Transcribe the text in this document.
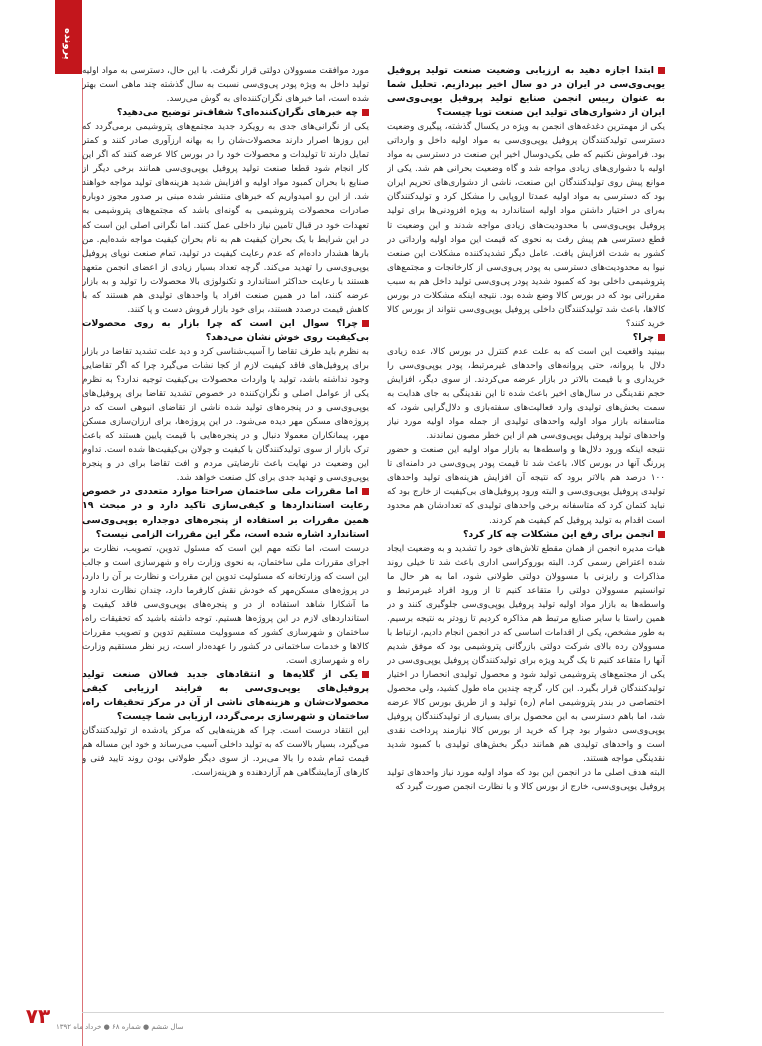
پرونده

ابتدا اجازه دهید به ارزیابی وضعیت صنعت تولید پروفیل یوپی‌وی‌سی در ایران در دو سال اخیر بپردازیم. تحلیل شما به عنوان رییس انجمن صنایع تولید پروفیل یوپی‌وی‌سی ایران از دشواری‌های تولید این صنعت تویا چیست؟

یکی از مهمترین دغدغه‌های انجمن به ویژه در یکسال گذشته، پیگیری وضعیت دسترسی تولیدکنندگان پروفیل یوپی‌وی‌سی به مواد اولیه داخل و وارداتی بود. فراموش نکنیم که طی یکی‌دوسال اخیر این صنعت در دسترسی به مواد اولیه با دشواری‌های زیادی مواجه شد و گاه وضعیت بحرانی هم شد. یکی از موانع پیش روی تولیدکنندگان این صنعت، ناشی از دشواری‌های تحریم ایران بود که دسترسی به مواد اولیه عمدتا اروپایی را مشکل کرد و تولیدکنندگان به‌رای در اختیار داشتن مواد اولیه استاندارد به ویژه افزودنی‌ها برای تولید پروفیل یوپی‌وی‌سی با محدودیت‌های زیادی مواجه شدند و این وضعیت تا قطع دسترسی هم پیش رفت به نحوی که قیمت این مواد اولیه وارداتی در کشور به شدت افزایش یافت. عامل دیگر تشدیدکننده مشکلات این صنعت نیوا به محدودیت‌های دسترسی به پودر پی‌وی‌سی از کارخانجات و مجتمع‌های پتروشیمی داخلی بود که کمبود شدید پودر پی‌وی‌سی تولید داخل هم به سبب مقرراتی بود که در بورس کالا وضع شده بود. نتیجه اینکه مشکلات در بورس کالاها، باعث شد تولیدکنندگان داخلی پروفیل یوپی‌وی‌سی نتواند از بورس کالا خرید کنند؟

چرا؟

ببینید واقعیت این است که به علت عدم کنترل در بورس کالا، عده زیادی دلال با پروانه، حتی پروانه‌های واحدهای غیرمرتبط، پودر یوپی‌وی‌سی را خریداری و با قیمت بالاتر در بازار عرضه می‌کردند. از سوی دیگر، افزایش حجم نقدینگی در سال‌های اخیر باعث شده تا این نقدینگی به جای هدایت به سمت بخش‌های تولیدی وارد فعالیت‌های سفته‌بازی و دلال‌گرایی شود، که متاسفانه بازار مواد اولیه واحدهای تولیدی از جمله مواد اولیه مورد نیاز واحدهای تولید پروفیل یوپی‌وی‌سی هم از این خطر مصون نماندند.

نتیجه اینکه ورود دلال‌ها و واسطه‌ها به بازار مواد اولیه این صنعت و حضور پررنگ آنها در بورس کالا، باعث شد تا قیمت پودر پی‌وی‌سی در دامنه‌ای تا ۱۰۰ درصد هم بالاتر برود که نتیجه آن افزایش هزینه‌های تولید واحدهای تولیدی پروفیل یوپی‌وی‌سی و البته ورود پروفیل‌های بی‌کیفیت از خارج بود که نباید کتمان کرد که متاسفانه برخی واحدهای تولیدی که تعدادشان هم محدود است اقدام به تولید پروفیل کم کیفیت هم کردند.

انجمن برای رفع این مشکلات چه کار کرد؟

هیات مدیره انجمن از همان مقطع تلاش‌های خود را تشدید و به وضعیت ایجاد شده اعتراض رسمی کرد. البته بوروکراسی اداری باعث شد تا خیلی روند مذاکرات و رایزنی با مسوولان دولتی طولانی شود، اما به هر حال ما توانستیم مسوولان دولتی را متقاعد کنیم تا از ورود افراد غیرمرتبط و واسطه‌ها به بازار مواد اولیه تولید پروفیل یوپی‌وی‌سی جلوگیری کنند و در همین راستا با سایر صنایع مرتبط هم مذاکره کردیم تا زودتر به نتیجه برسیم. به طور مشخص، یکی از اقدامات اساسی که در انجمن انجام دادیم، ارتباط با مسوولان رده بالای شرکت دولتی بازرگانی پتروشیمی بود که موفق شدیم آنها را متقاعد کنیم تا یک گرید ویژه برای تولیدکنندگان پروفیل یوپی‌وی‌سی در یکی از مجتمع‌های پتروشیمی تولید شود و محصول تولیدی انحصارا در اختیار تولیدکنندگان قرار بگیرد. این کار، گرچه چندین ماه طول کشید، ولی محصول اختصاصی در بندر پتروشیمی امام (ره) تولید و از طریق بورس کالا عرضه شد، اما باهم دسترسی به این محصول برای بسیاری از تولیدکنندگان پروفیل یوپی‌وی‌سی دشوار بود چرا که خرید از بورس کالا نیازمند پرداخت نقدی است و واحدهای تولیدی هم همانند دیگر بخش‌های تولیدی با کمبود شدید نقدینگی مواجه هستند.

البته هدف اصلی ما در انجمن این بود که مواد اولیه مورد نیاز واحدهای تولید پروفیل یوپی‌وی‌سی، خارج از بورس کالا و با نظارت انجمن صورت گیرد که

مورد موافقت مسوولان دولتی قرار نگرفت. با این حال، دسترسی به مواد اولیه تولید داخل به ویژه پودر پی‌وی‌سی نسبت به سال گذشته چند ماهی است بهتر شده است، اما خبرهای نگران‌کننده‌ای به گوش می‌رسد.

چه خبرهای نگران‌کننده‌ای؟ شفاف‌تر توضیح می‌دهید؟

یکی از نگرانی‌های جدی به رویکرد جدید مجتمع‌های پتروشیمی برمی‌گردد که این روزها اصرار دارند محصولات‌شان را به بهانه ارزآوری صادر کنند و کمتر تمایل دارند تا تولیدات و محصولات خود را در بورس کالا عرضه کنند که اگر این کار انجام شود قطعا صنعت تولید پروفیل یوپی‌وی‌سی همانند برخی دیگر از صنایع با بحران کمبود مواد اولیه و افزایش شدید هزینه‌های تولید مواجه خواهند شد. از این رو امیدواریم که خبرهای منتشر شده مبنی بر صدور مجوز دوباره صادرات محصولات پتروشیمی به گونه‌ای باشد که مجتمع‌های پتروشیمی به تعهدات خود در قبال تامین نیاز داخلی عمل کنند. اما نگرانی اصلی این است که در این شرایط با یک بحران کیفیت هم به نام بحران کیفیت مواجه شده‌ایم. من بارها هشدار داده‌ام که عدم رعایت کیفیت در تولید، تمام صنعت نوپای پروفیل یوپی‌وی‌سی را تهدید می‌کند. گرچه تعداد بسیار زیادی از اعضای انجمن متعهد هستند با رعایت حداکثر استاندارد و تکنولوژی بالا محصولات را تولید و به بازار عرضه کنند، اما در همین صنعت افراد یا واحدهای تولیدی هم هستند که با کاهش قیمت درصدد هستند، برای خود بازار فروش دست و پا کنند.

چرا؟ سوال این است که چرا بازار به روی محصولات بی‌کیفیت روی خوش نشان می‌دهد؟

به نظرم باید طرف تقاضا را آسیب‌شناسی کرد و دید علت تشدید تقاضا در بازار برای پروفیل‌های فاقد کیفیت لازم از کجا نشات می‌گیرد چرا که اگر تقاضایی وجود نداشته باشد، تولید یا واردات محصولات بی‌کیفیت توجیه ندارد؟ به نظرم یکی از عوامل اصلی و نگران‌کننده در خصوص تشدید تقاضا برای پروفیل‌های یوپی‌وی‌سی و در پنجره‌های تولید شده ناشی از تقاضای انبوهی است که در پروژه‌های مسکن مهر دیده می‌شود. در این پروژه‌ها، برای ارزان‌سازی مسکن مهر، پیمانکاران معمولا دنبال و در پنجره‌هایی با قیمت پایین هستند که باعث ترک بازار از سوی تولیدکنندگان با کیفیت و جولان بی‌کیفیت‌ها شده است. تداوم این وضعیت در نهایت باعث نارضایتی مردم و افت تقاضا برای در و پنجره یوپی‌وی‌سی و تهدید جدی برای کل صنعت خواهد شد.

اما مقررات ملی ساختمان صراحتا موارد متعددی در خصوص رعایت استانداردها و کیفی‌سازی تاکید دارد و در مبحث ۱۹ همین مقررات بر استفاده از پنجره‌های دوجداره یوپی‌وی‌سی استاندارد اشاره شده است، مگر این مقررات الزامی نیست؟

درست است، اما نکته مهم این است که مسئول تدوین، تصویب، نظارت بر اجرای مقررات ملی ساختمان، به نحوی وزارت راه و شهرسازی است و جالب این است که وزارتخانه که مسئولیت تدوین این مقررات و نظارت بر آن را دارد، در پروژه‌های مسکن‌مهر که خودش نقش کارفرما دارد، چندان نظارت ندارد و ما آشکارا شاهد استفاده از در و پنجره‌های یوپی‌وی‌سی فاقد کیفیت و استانداردهای لازم در این پروژه‌ها هستیم. توجه داشته باشید که تحقیقات راه، ساختمان و شهرسازی کشور که مسوولیت مستقیم تدوین و تصویب مقررات کالاها و خدمات ساختمانی در کشور را عهده‌دار است، زیر نظر مستقیم وزارت راه و شهرسازی است.

یکی از گلایه‌ها و انتقادهای جدید فعالان صنعت تولید پروفیل‌های یوپی‌وی‌سی به فرایند ارزیابی کیفی محصولات‌شان و هزینه‌های ناشی از آن در مرکز تحقیقات راه، ساختمان و شهرسازی برمی‌گردد، ارزیابی شما چیست؟

این انتقاد درست است. چرا که هزینه‌هایی که مرکز یادشده از تولیدکنندگان می‌گیرد، بسیار بالاست که به تولید داخلی آسیب می‌رساند و خود این مساله هم قیمت تمام شده را بالا می‌برد. از سوی دیگر طولانی بودن روند تایید فنی و کارهای آزمایشگاهی هم آزاردهنده و هزینه‌زاست.

۷۳ سال ششم ● شماره ۶۸ ● خرداد ماه ۱۳۹۲
